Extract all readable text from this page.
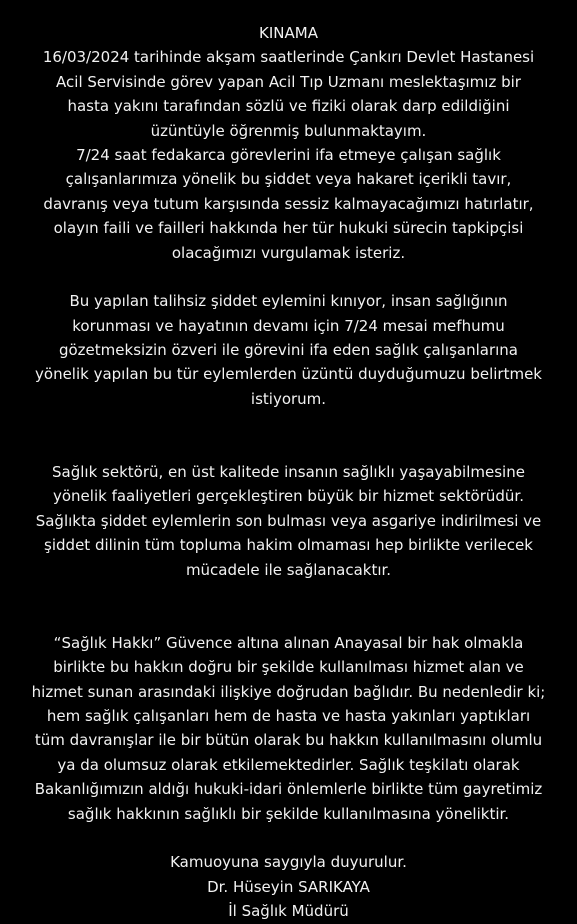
KINAMA
16/03/2024 tarihinde akşam saatlerinde Çankırı Devlet Hastanesi
Acil Servisinde görev yapan Acil Tıp Uzmanı meslektaşımız bir
hasta yakını tarafından sözlü ve fiziki olarak darp edildiğini
üzüntüyle öğrenmiş bulunmaktayım.
7/24 saat fedakarca görevlerini ifa etmeye çalışan sağlık
çalışanlarımıza yönelik bu şiddet veya hakaret içerikli tavır,
davranış veya tutum karşısında sessiz kalmayacağımızı hatırlatır,
olayın faili ve failleri hakkında her tür hukuki sürecin tapkipçisi
olacağımızı vurgulamak isteriz.
Bu yapılan talihsiz şiddet eylemini kınıyor, insan sağlığının
korunması ve hayatının devamı için 7/24 mesai mefhumu
gözetmeksizin özveri ile görevini ifa eden sağlık çalışanlarına
yönelik yapılan bu tür eylemlerden üzüntü duyduğumuzu belirtmek
istiyorum.
Sağlık sektörü, en üst kalitede insanın sağlıklı yaşayabilmesine
yönelik faaliyetleri gerçekleştiren büyük bir hizmet sektörüdür.
Sağlıkta şiddet eylemlerin son bulması veya asgariye indirilmesi ve
şiddet dilinin tüm topluma hakim olmaması hep birlikte verilecek
mücadele ile sağlanacaktır.
“Sağlık Hakkı” Güvence altına alınan Anayasal bir hak olmakla
birlikte bu hakkın doğru bir şekilde kullanılması hizmet alan ve
hizmet sunan arasındaki ilişkiye doğrudan bağlıdır. Bu nedenledir ki;
hem sağlık çalışanları hem de hasta ve hasta yakınları yaptıkları
tüm davranışlar ile bir bütün olarak bu hakkın kullanılmasını olumlu
ya da olumsuz olarak etkilemektedirler. Sağlık teşkilatı olarak
Bakanlığımızın aldığı hukuki-idari önlemlerle birlikte tüm gayretimiz
sağlık hakkının sağlıklı bir şekilde kullanılmasına yöneliktir.
Kamuoyuna saygıyla duyurulur.
Dr. Hüseyin SARIKAYA
İl Sağlık Müdürü
